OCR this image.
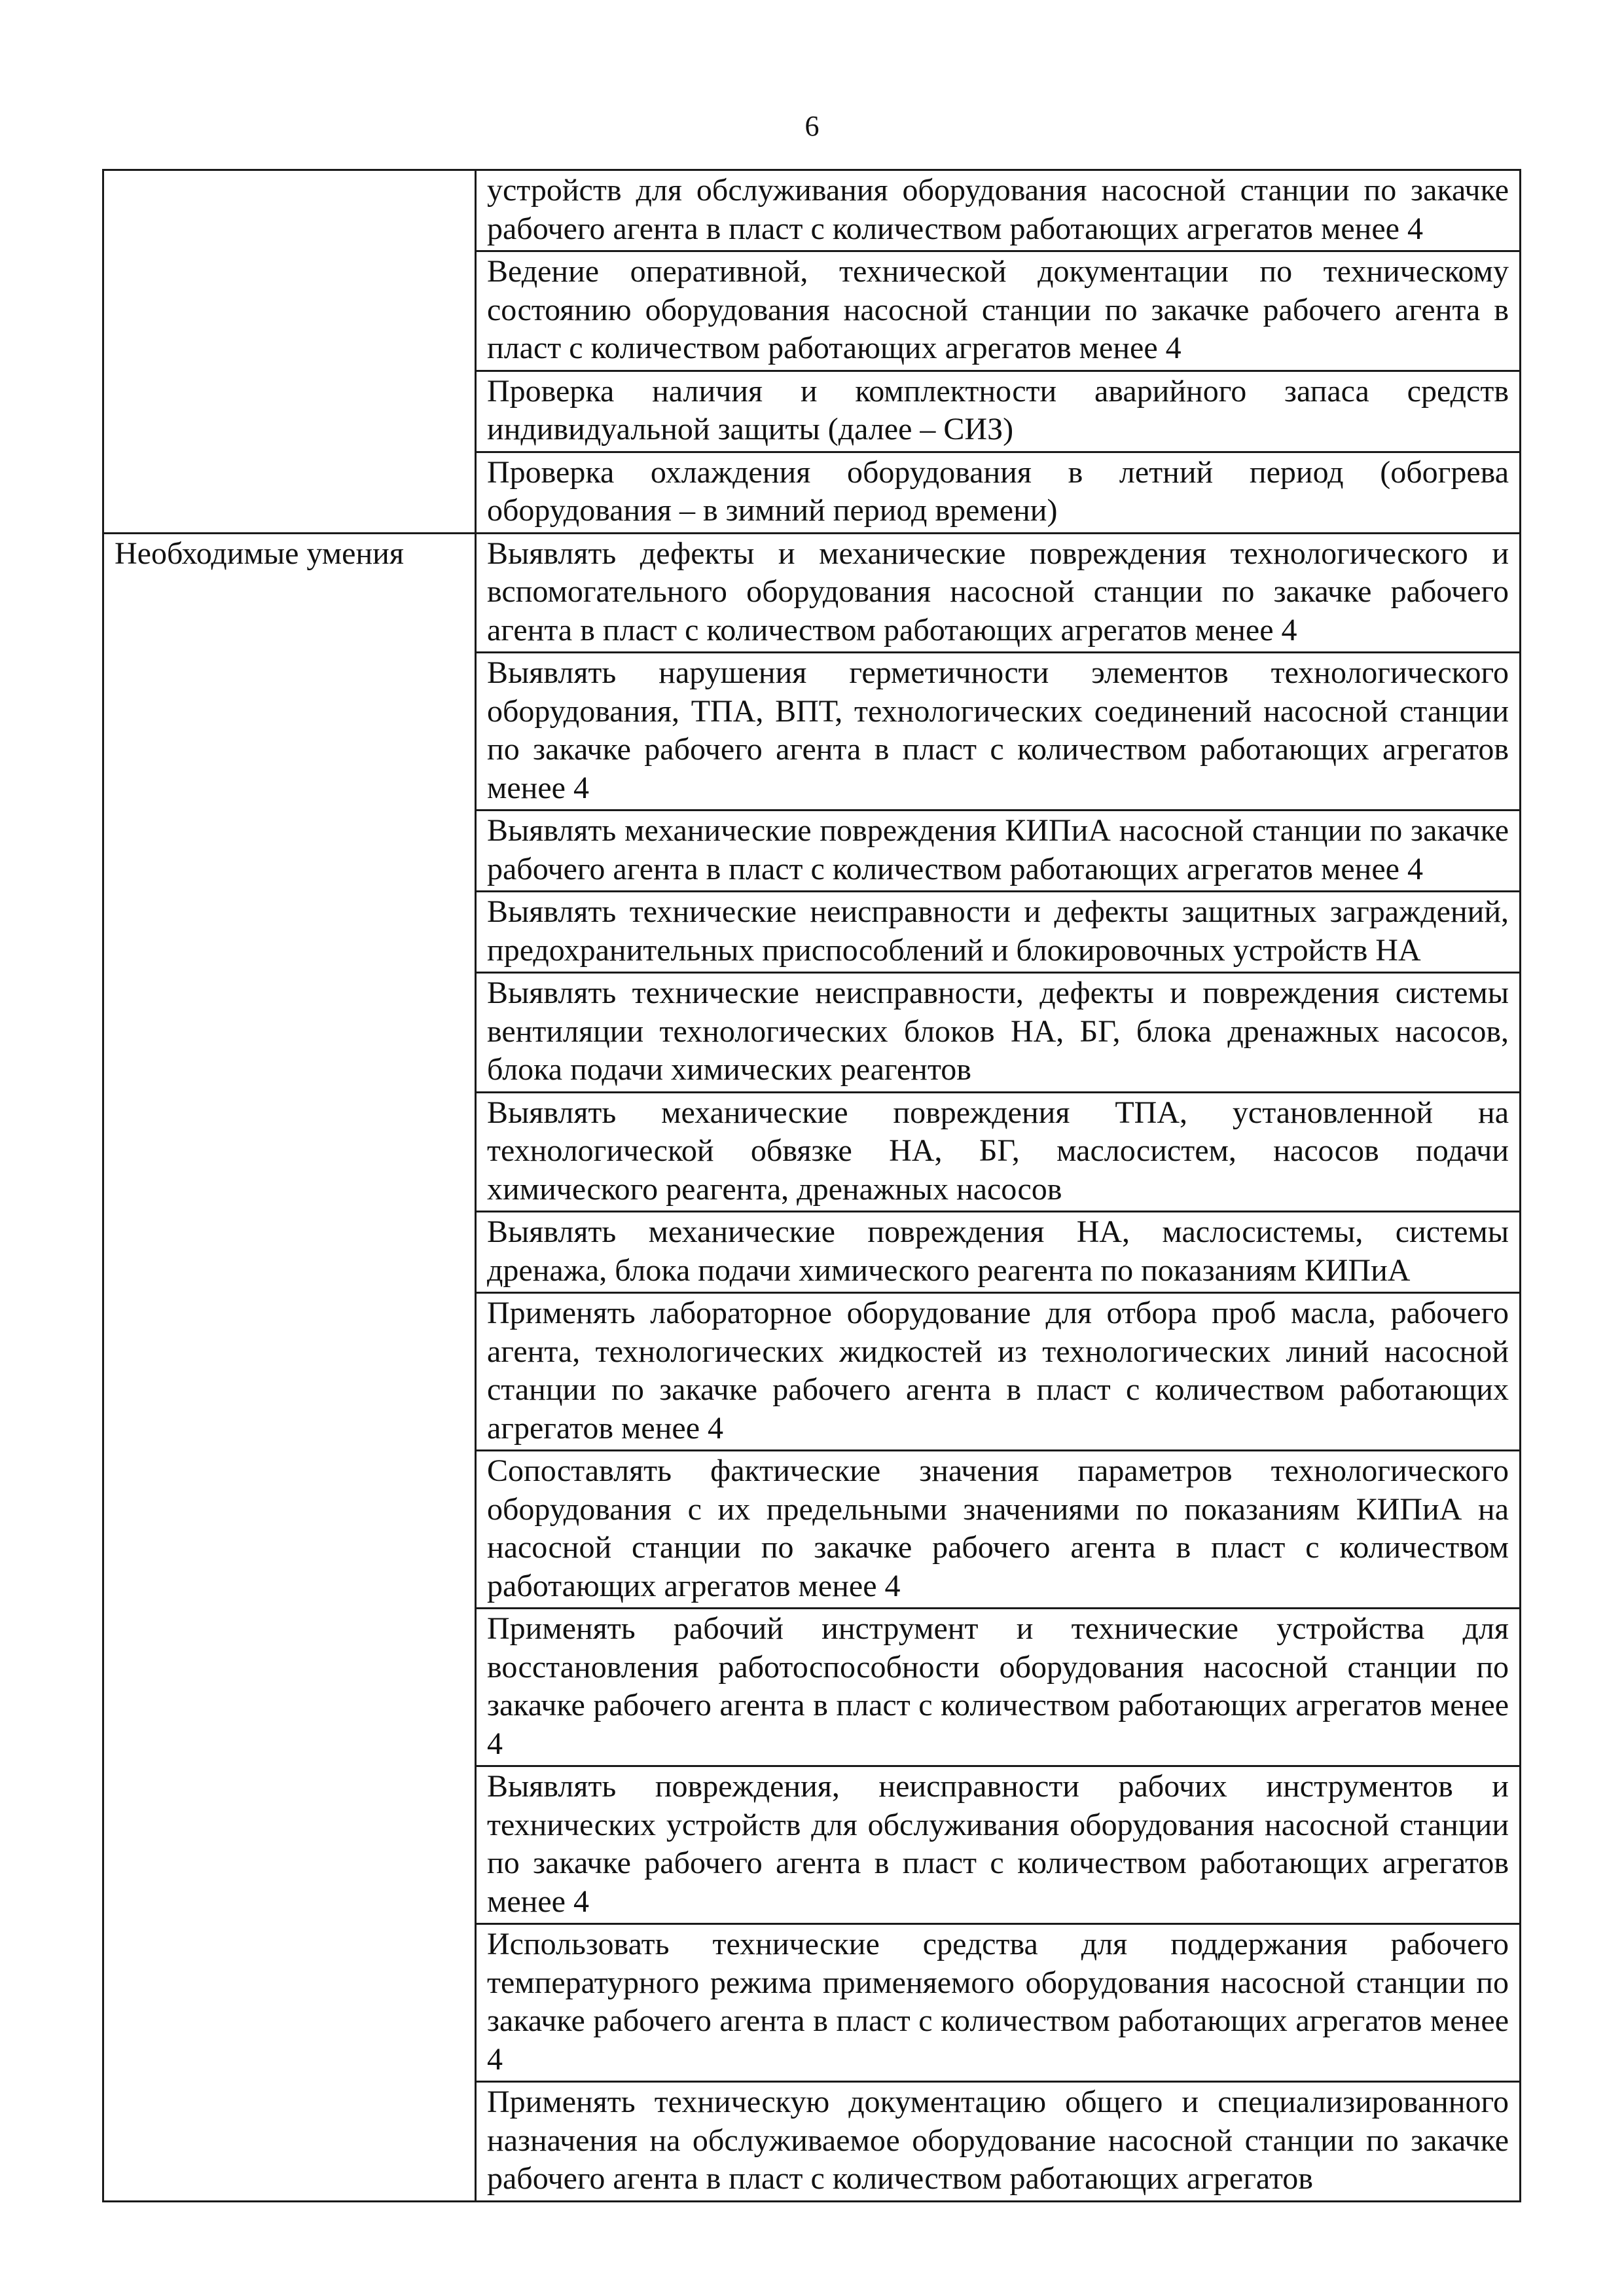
6
	устройств для обслуживания оборудования насосной станции по закачке рабочего агента в пласт с количеством работающих агрегатов менее 4
	Ведение оперативной, технической документации по техническому состоянию оборудования насосной станции по закачке рабочего агента в пласт с количеством работающих агрегатов менее 4
	Проверка наличия и комплектности аварийного запаса средств индивидуальной защиты (далее – СИЗ)
	Проверка охлаждения оборудования в летний период (обогрева оборудования – в зимний период времени)
Необходимые умения	Выявлять дефекты и механические повреждения технологического и вспомогательного оборудования насосной станции по закачке рабочего агента в пласт с количеством работающих агрегатов менее 4
	Выявлять нарушения герметичности элементов технологического оборудования, ТПА, ВПТ, технологических соединений насосной станции по закачке рабочего агента в пласт с количеством работающих агрегатов менее 4
	Выявлять механические повреждения КИПиА насосной станции по закачке рабочего агента в пласт с количеством работающих агрегатов менее 4
	Выявлять технические неисправности и дефекты защитных заграждений, предохранительных приспособлений и блокировочных устройств НА
	Выявлять технические неисправности, дефекты и повреждения системы вентиляции технологических блоков НА, БГ, блока дренажных насосов, блока подачи химических реагентов
	Выявлять механические повреждения ТПА, установленной на технологической обвязке НА, БГ, маслосистем, насосов подачи химического реагента, дренажных насосов
	Выявлять механические повреждения НА, маслосистемы, системы дренажа, блока подачи химического реагента по показаниям КИПиА
	Применять лабораторное оборудование для отбора проб масла, рабочего агента, технологических жидкостей из технологических линий насосной станции по закачке рабочего агента в пласт с количеством работающих агрегатов менее 4
	Сопоставлять фактические значения параметров технологического оборудования с их предельными значениями по показаниям КИПиА на насосной станции по закачке рабочего агента в пласт с количеством работающих агрегатов менее 4
	Применять рабочий инструмент и технические устройства для восстановления работоспособности оборудования насосной станции по закачке рабочего агента в пласт с количеством работающих агрегатов менее 4
	Выявлять повреждения, неисправности рабочих инструментов и технических устройств для обслуживания оборудования насосной станции по закачке рабочего агента в пласт с количеством работающих агрегатов менее 4
	Использовать технические средства для поддержания рабочего температурного режима применяемого оборудования насосной станции по закачке рабочего агента в пласт с количеством работающих агрегатов менее 4
	Применять техническую документацию общего и специализированного назначения на обслуживаемое оборудование насосной станции по закачке рабочего агента в пласт с количеством работающих агрегатов
